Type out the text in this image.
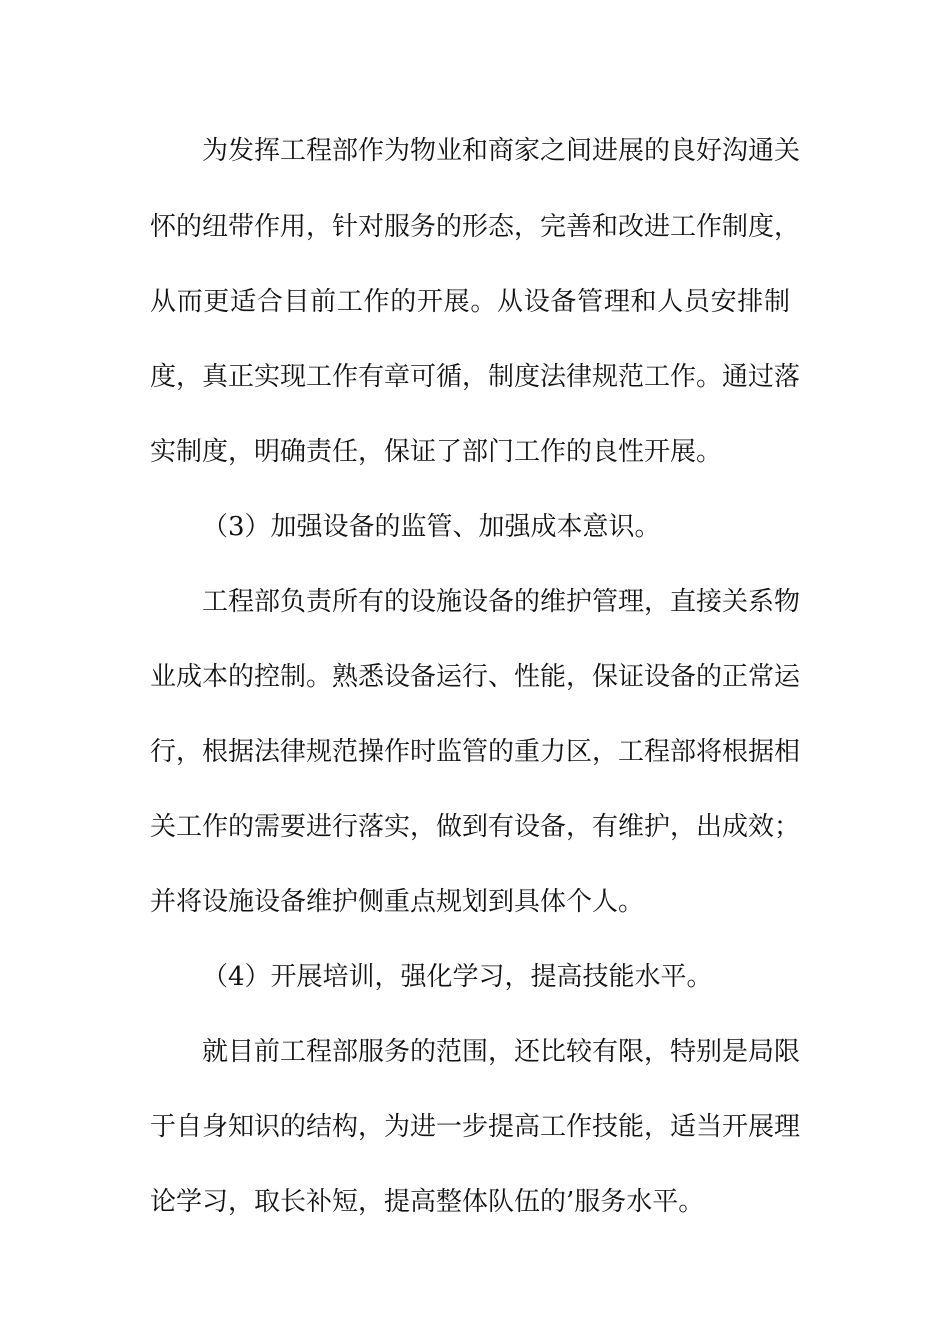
为发挥工程部作为物业和商家之间进展的良好沟通关
怀的纽带作用，针对服务的形态，完善和改进工作制度，
从而更适合目前工作的开展。从设备管理和人员安排制
度，真正实现工作有章可循，制度法律规范工作。通过落
实制度，明确责任，保证了部门工作的良性开展。
（3）加强设备的监管、加强成本意识。
工程部负责所有的设施设备的维护管理，直接关系物
业成本的控制。熟悉设备运行、性能，保证设备的正常运
行，根据法律规范操作时监管的重力区，工程部将根据相
关工作的需要进行落实，做到有设备，有维护，出成效；
并将设施设备维护侧重点规划到具体个人。
（4）开展培训，强化学习，提高技能水平。
就目前工程部服务的范围，还比较有限，特别是局限
于自身知识的结构，为进一步提高工作技能，适当开展理
论学习，取长补短，提高整体队伍的’服务水平。
